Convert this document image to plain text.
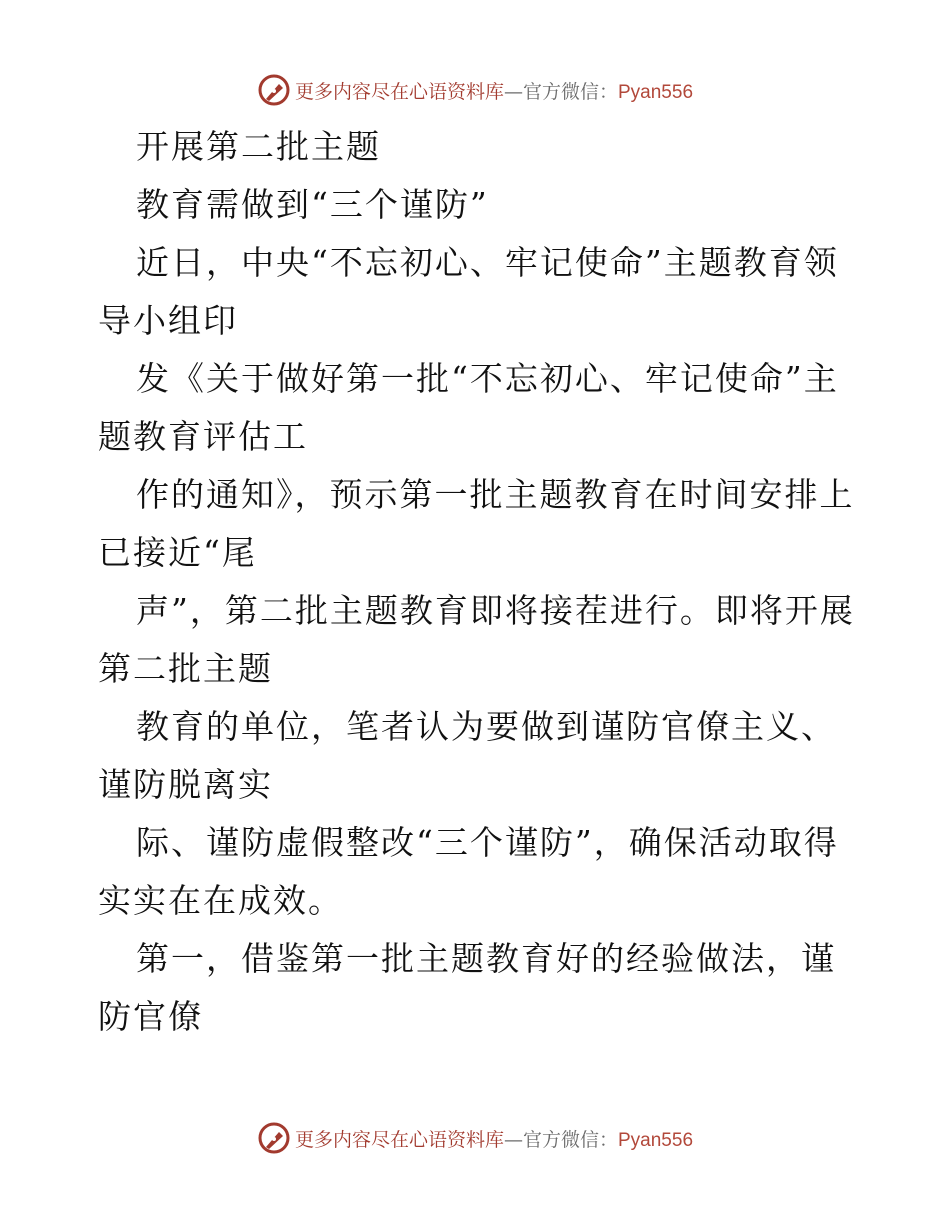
更多内容尽在心语资料库—官方微信：Pyan556

开展第二批主题

教育需做到“三个谨防”

近日，中央“不忘初心、牢记使命”主题教育领导小组印

发《关于做好第一批“不忘初心、牢记使命”主题教育评估工

作的通知》，预示第一批主题教育在时间安排上已接近“尾

声”，第二批主题教育即将接茬进行。即将开展第二批主题

教育的单位，笔者认为要做到谨防官僚主义、谨防脱离实

际、谨防虚假整改“三个谨防”，确保活动取得实实在在成效。

第一，借鉴第一批主题教育好的经验做法，谨防官僚

更多内容尽在心语资料库—官方微信：Pyan556
